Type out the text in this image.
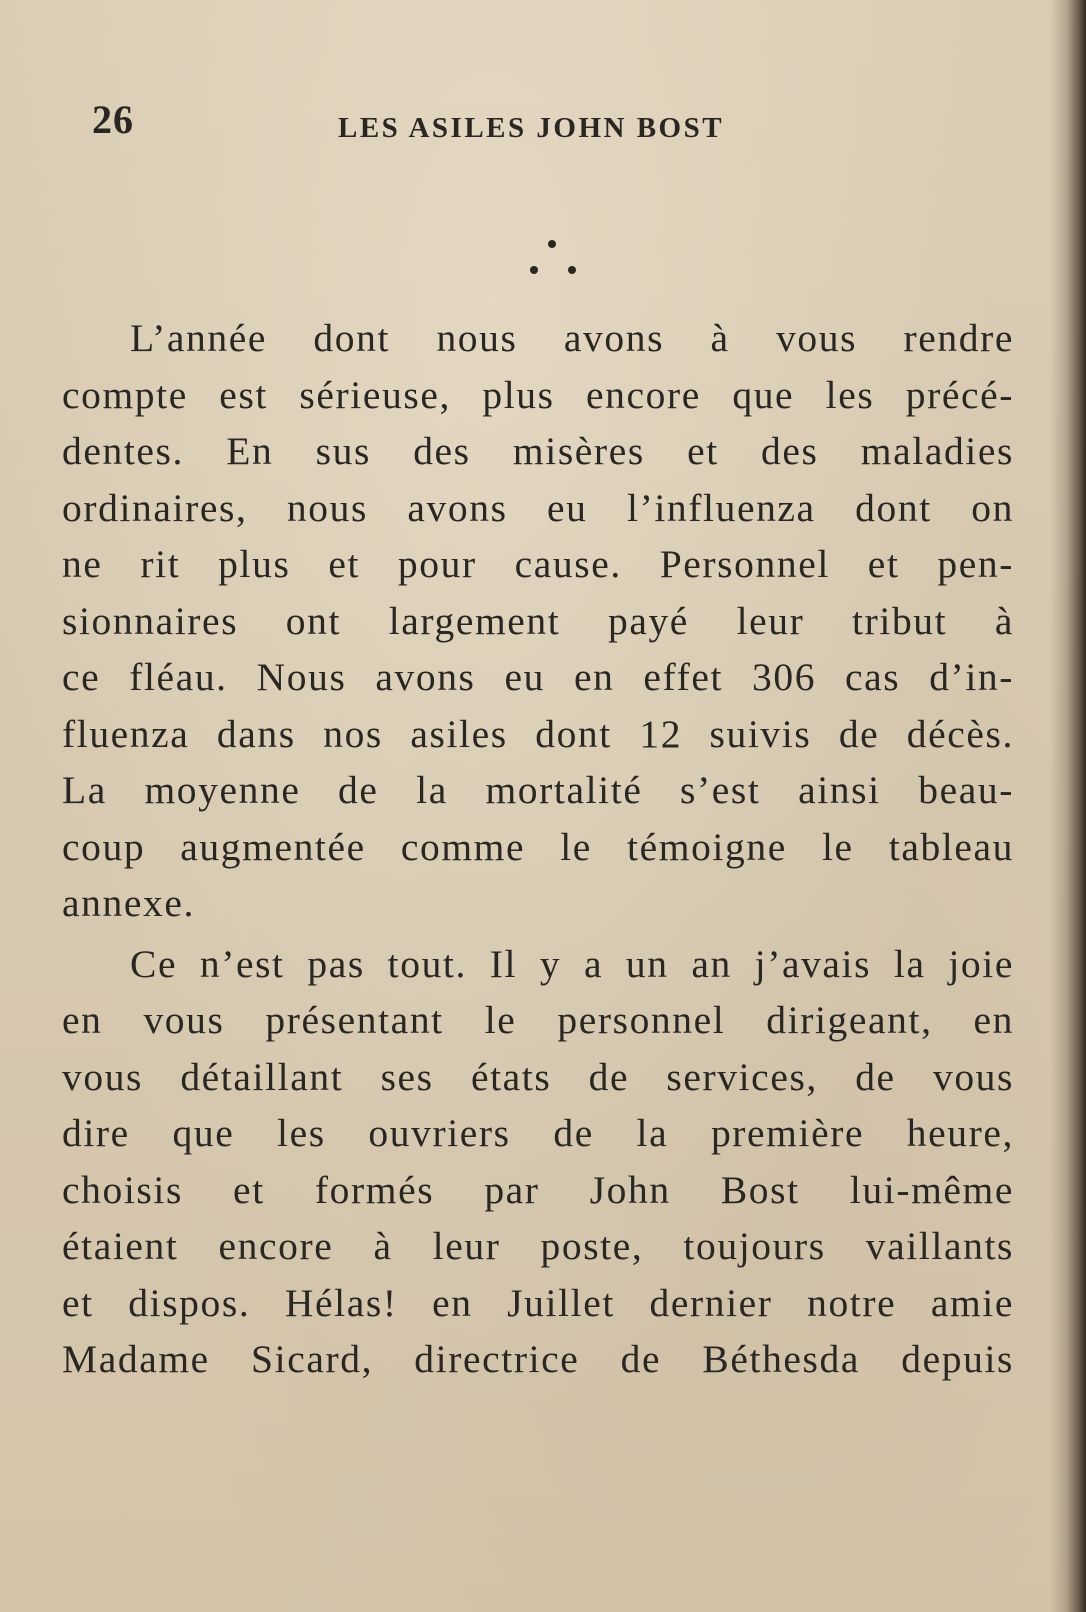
26	LES ASILES JOHN BOST

L’année dont nous avons à vous rendre
compte est sérieuse, plus encore que les précé-
dentes. En sus des misères et des maladies
ordinaires, nous avons eu l’influenza dont on
ne rit plus et pour cause. Personnel et pen-
sionnaires ont largement payé leur tribut à
ce fléau. Nous avons eu en effet 306 cas d’in-
fluenza dans nos asiles dont 12 suivis de décès.
La moyenne de la mortalité s’est ainsi beau-
coup augmentée comme le témoigne le tableau
annexe.

Ce n’est pas tout. Il y a un an j’avais la joie
en vous présentant le personnel dirigeant, en
vous détaillant ses états de services, de vous
dire que les ouvriers de la première heure,
choisis et formés par John Bost lui-même
étaient encore à leur poste, toujours vaillants
et dispos. Hélas! en Juillet dernier notre amie
Madame Sicard, directrice de Béthesda depuis
